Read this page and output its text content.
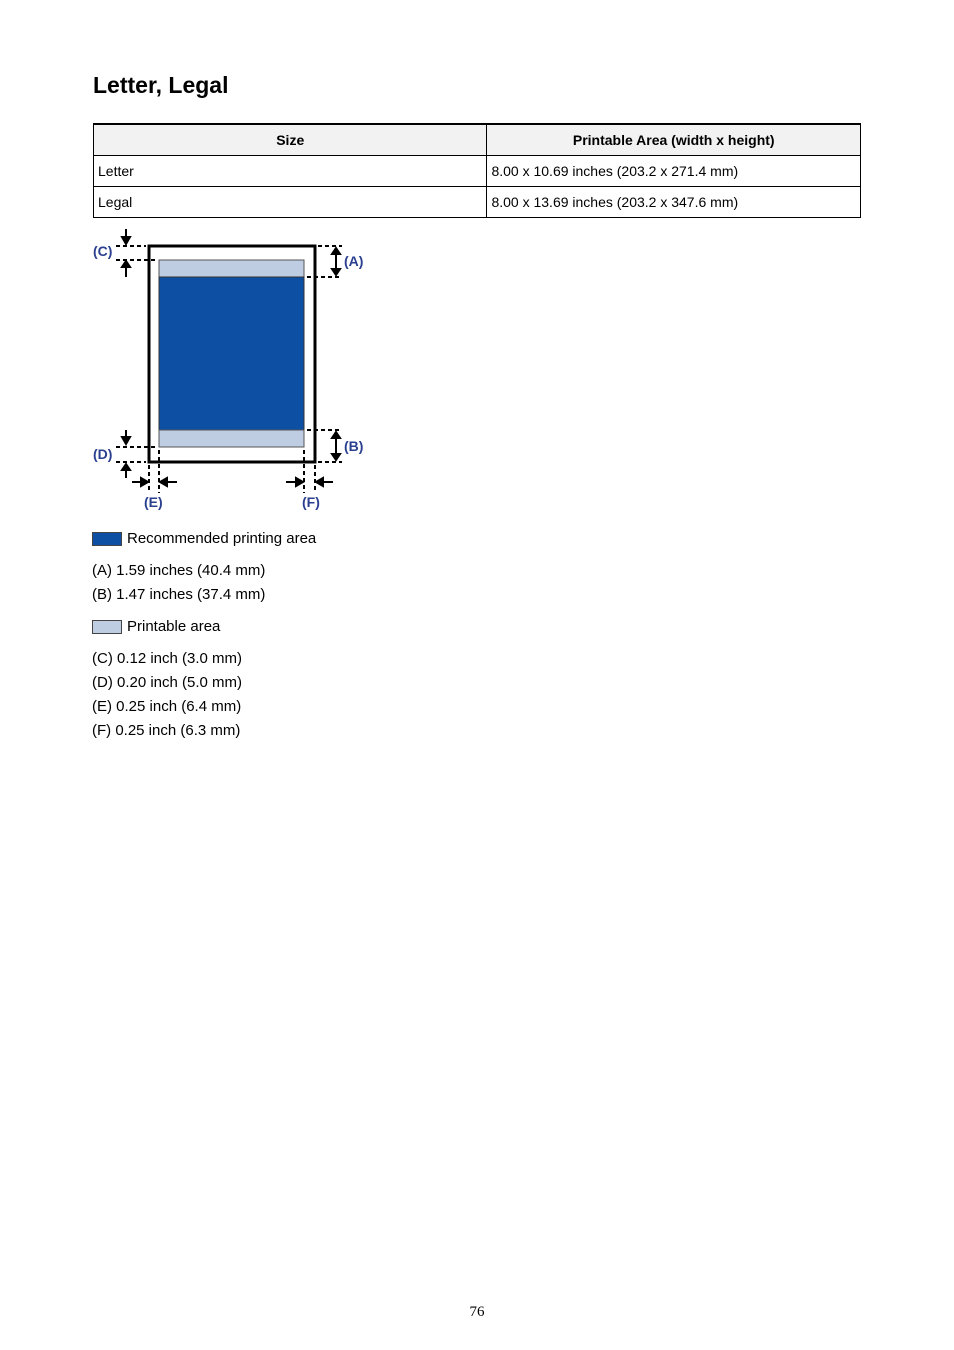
Letter, Legal
Size	Printable Area (width x height)
Letter	8.00 x 10.69 inches (203.2 x 271.4 mm)
Legal	8.00 x 13.69 inches (203.2 x 347.6 mm)
(C)
(A)
(B)
(D)
(E)	(F)
Recommended printing area
(A) 1.59 inches (40.4 mm)
(B) 1.47 inches (37.4 mm)
Printable area
(C) 0.12 inch (3.0 mm)
(D) 0.20 inch (5.0 mm)
(E) 0.25 inch (6.4 mm)
(F) 0.25 inch (6.3 mm)
76
